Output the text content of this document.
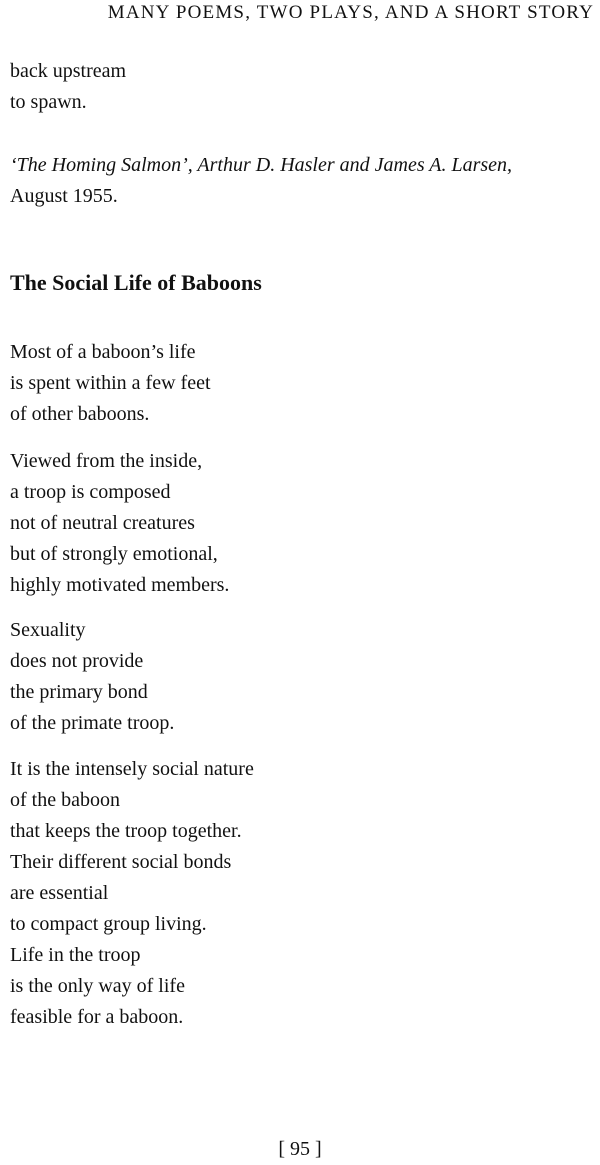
MANY POEMS, TWO PLAYS, AND A SHORT STORY
back upstream
to spawn.
‘The Homing Salmon’, Arthur D. Hasler and James A. Larsen,
August 1955.
The Social Life of Baboons
Most of a baboon’s life
is spent within a few feet
of other baboons.
Viewed from the inside,
a troop is composed
not of neutral creatures
but of strongly emotional,
highly motivated members.
Sexuality
does not provide
the primary bond
of the primate troop.
It is the intensely social nature
of the baboon
that keeps the troop together.
Their different social bonds
are essential
to compact group living.
Life in the troop
is the only way of life
feasible for a baboon.
[ 95 ]
